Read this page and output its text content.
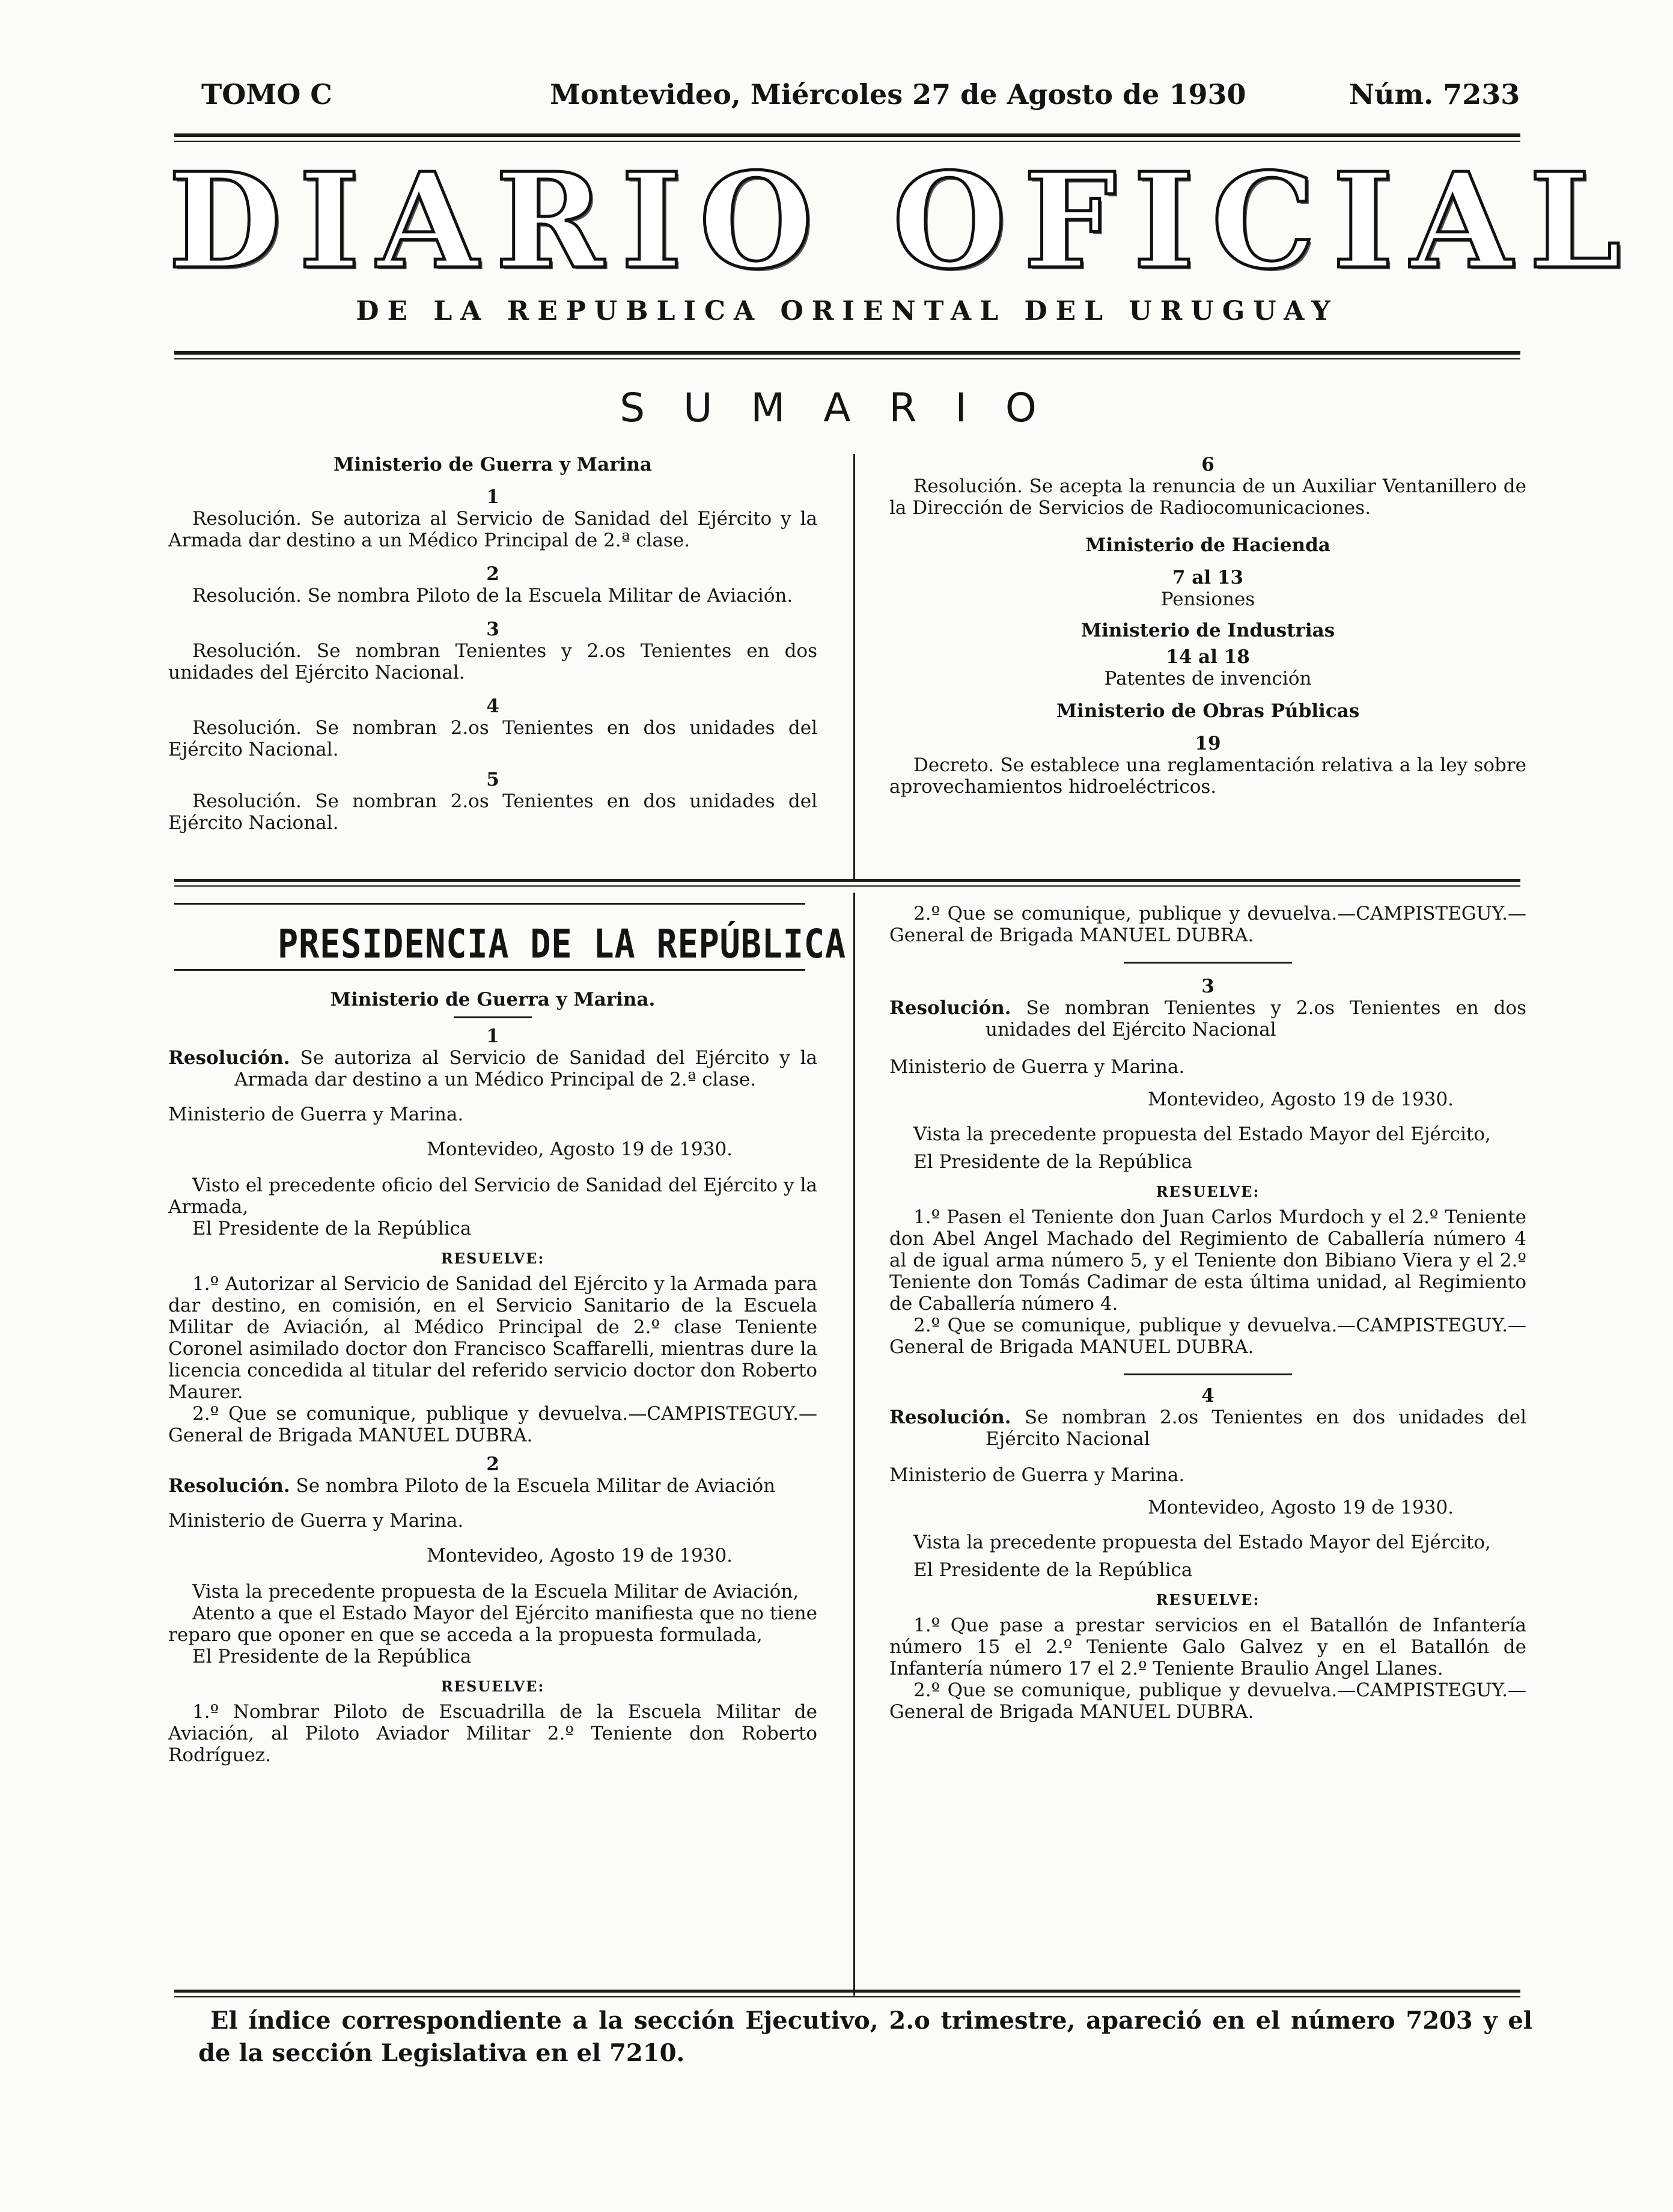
TOMO C	Montevideo, Miércoles 27 de Agosto de 1930	Núm. 7233
DIARIO OFICIAL
DE LA REPUBLICA ORIENTAL DEL URUGUAY
SUMARIO
Ministerio de Guerra y Marina
1
Resolución. Se autoriza al Servicio de Sanidad del Ejército y la Armada dar destino a un Médico Principal de 2.ª clase.
2
Resolución. Se nombra Piloto de la Escuela Militar de Aviación.
3
Resolución. Se nombran Tenientes y 2.os Tenientes en dos unidades del Ejército Nacional.
4
Resolución. Se nombran 2.os Tenientes en dos unidades del Ejército Nacional.
5
Resolución. Se nombran 2.os Tenientes en dos unidades del Ejército Nacional.
6
Resolución. Se acepta la renuncia de un Auxiliar Ventanillero de la Dirección de Servicios de Radiocomunicaciones.
Ministerio de Hacienda
7 al 13
Pensiones
Ministerio de Industrias
14 al 18
Patentes de invención
Ministerio de Obras Públicas
19
Decreto. Se establece una reglamentación relativa a la ley sobre aprovechamientos hidroeléctricos.
PRESIDENCIA DE LA REPÚBLICA
Ministerio de Guerra y Marina.
1
Resolución. Se autoriza al Servicio de Sanidad del Ejército y la Armada dar destino a un Médico Principal de 2.ª clase.
Ministerio de Guerra y Marina.
Montevideo, Agosto 19 de 1930.
Visto el precedente oficio del Servicio de Sanidad del Ejército y la Armada,
El Presidente de la República
RESUELVE:
1.º Autorizar al Servicio de Sanidad del Ejército y la Armada para dar destino, en comisión, en el Servicio Sanitario de la Escuela Militar de Aviación, al Médico Principal de 2.º clase Teniente Coronel asimilado doctor don Francisco Scaffarelli, mientras dure la licencia concedida al titular del referido servicio doctor don Roberto Maurer.
2.º Que se comunique, publique y devuelva.—CAMPISTEGUY.—General de Brigada MANUEL DUBRA.
2
Resolución. Se nombra Piloto de la Escuela Militar de Aviación
Ministerio de Guerra y Marina.
Montevideo, Agosto 19 de 1930.
Vista la precedente propuesta de la Escuela Militar de Aviación,
Atento a que el Estado Mayor del Ejército manifiesta que no tiene reparo que oponer en que se acceda a la propuesta formulada,
El Presidente de la República
RESUELVE:
1.º Nombrar Piloto de Escuadrilla de la Escuela Militar de Aviación, al Piloto Aviador Militar 2.º Teniente don Roberto Rodríguez.
2.º Que se comunique, publique y devuelva.—CAMPISTEGUY.—General de Brigada MANUEL DUBRA.
3
Resolución. Se nombran Tenientes y 2.os Tenientes en dos unidades del Ejército Nacional
Ministerio de Guerra y Marina.
Montevideo, Agosto 19 de 1930.
Vista la precedente propuesta del Estado Mayor del Ejército,
El Presidente de la República
RESUELVE:
1.º Pasen el Teniente don Juan Carlos Murdoch y el 2.º Teniente don Abel Angel Machado del Regimiento de Caballería número 4 al de igual arma número 5, y el Teniente don Bibiano Viera y el 2.º Teniente don Tomás Cadimar de esta última unidad, al Regimiento de Caballería número 4.
2.º Que se comunique, publique y devuelva.—CAMPISTEGUY.—General de Brigada MANUEL DUBRA.
4
Resolución. Se nombran 2.os Tenientes en dos unidades del Ejército Nacional
Ministerio de Guerra y Marina.
Montevideo, Agosto 19 de 1930.
Vista la precedente propuesta del Estado Mayor del Ejército,
El Presidente de la República
RESUELVE:
1.º Que pase a prestar servicios en el Batallón de Infantería número 15 el 2.º Teniente Galo Galvez y en el Batallón de Infantería número 17 el 2.º Teniente Braulio Angel Llanes.
2.º Que se comunique, publique y devuelva.—CAMPISTEGUY.—General de Brigada MANUEL DUBRA.
El índice correspondiente a la sección Ejecutivo, 2.o trimestre, apareció en el número 7203 y el de la sección Legislativa en el 7210.
